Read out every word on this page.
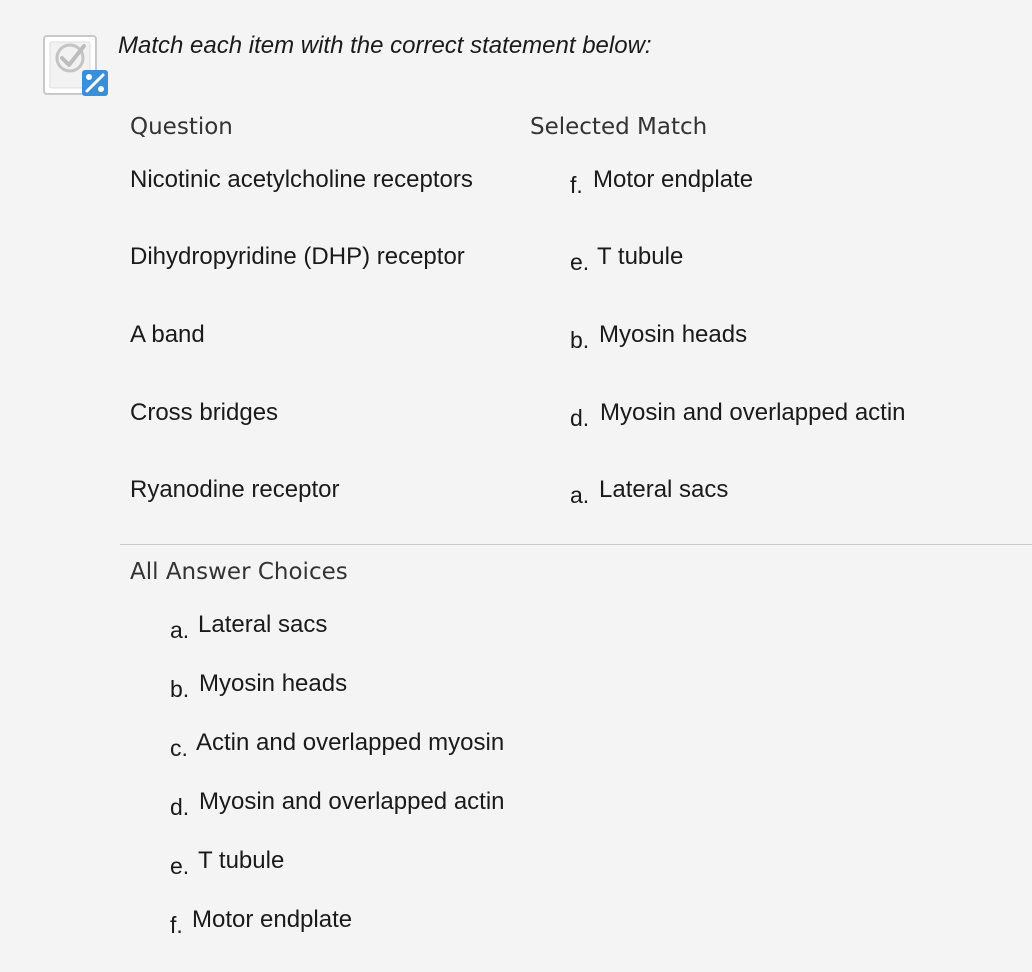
Match each item with the correct statement below:
Question	Selected Match
Nicotinic acetylcholine receptors	f. Motor endplate
Dihydropyridine (DHP) receptor	e. T tubule
A band	b. Myosin heads
Cross bridges	d. Myosin and overlapped actin
Ryanodine receptor	a. Lateral sacs
All Answer Choices
a. Lateral sacs
b. Myosin heads
c. Actin and overlapped myosin
d. Myosin and overlapped actin
e. T tubule
f. Motor endplate
